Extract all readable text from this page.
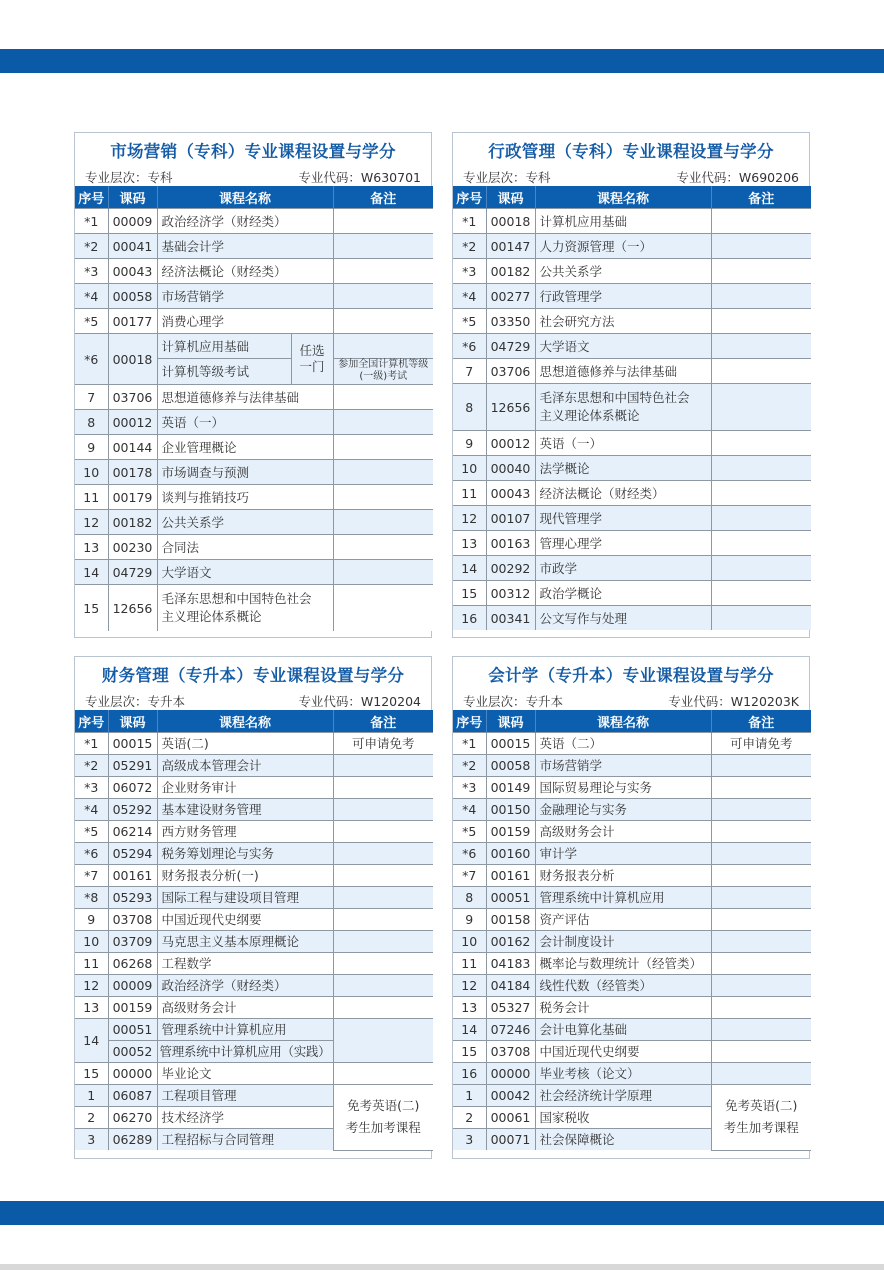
市场营销（专科）专业课程设置与学分
专业层次：专科	专业代码：W630701
序号	课码	课程名称		备注
*1	00009	政治经济学（财经类）		
*2	00041	基础会计学		
*3	00043	经济法概论（财经类）		
*4	00058	市场营销学		
*5	00177	消费心理学		
*6	00018	计算机应用基础	任选一门	
		计算机等级考试		参加全国计算机等级(一级)考试
7	03706	思想道德修养与法律基础		
8	00012	英语（一）		
9	00144	企业管理概论		
10	00178	市场调查与预测		
11	00179	谈判与推销技巧		
12	00182	公共关系学		
13	00230	合同法		
14	04729	大学语文		
15	12656	毛泽东思想和中国特色社会
主义理论体系概论		
行政管理（专科）专业课程设置与学分
专业层次：专科	专业代码：W690206
序号	课码	课程名称	备注
*1	00018	计算机应用基础	
*2	00147	人力资源管理（一）	
*3	00182	公共关系学	
*4	00277	行政管理学	
*5	03350	社会研究方法	
*6	04729	大学语文	
7	03706	思想道德修养与法律基础	
8	12656	毛泽东思想和中国特色社会
主义理论体系概论	
9	00012	英语（一）	
10	00040	法学概论	
11	00043	经济法概论（财经类）	
12	00107	现代管理学	
13	00163	管理心理学	
14	00292	市政学	
15	00312	政治学概论	
16	00341	公文写作与处理	
财务管理（专升本）专业课程设置与学分
专业层次：专升本	专业代码：W120204
序号	课码	课程名称	备注
*1	00015	英语(二)	可申请免考
*2	05291	高级成本管理会计	
*3	06072	企业财务审计	
*4	05292	基本建设财务管理	
*5	06214	西方财务管理	
*6	05294	税务筹划理论与实务	
*7	00161	财务报表分析(一)	
*8	05293	国际工程与建设项目管理	
9	03708	中国近现代史纲要	
10	03709	马克思主义基本原理概论	
11	06268	工程数学	
12	00009	政治经济学（财经类）	
13	00159	高级财务会计	
14	00051	管理系统中计算机应用	
	00052	管理系统中计算机应用（实践）	
15	00000	毕业论文	
1	06087	工程项目管理	免考英语(二)
考生加考课程
2	06270	技术经济学	
3	06289	工程招标与合同管理	
会计学（专升本）专业课程设置与学分
专业层次：专升本	专业代码：W120203K
序号	课码	课程名称	备注
*1	00015	英语（二）	可申请免考
*2	00058	市场营销学	
*3	00149	国际贸易理论与实务	
*4	00150	金融理论与实务	
*5	00159	高级财务会计	
*6	00160	审计学	
*7	00161	财务报表分析	
8	00051	管理系统中计算机应用	
9	00158	资产评估	
10	00162	会计制度设计	
11	04183	概率论与数理统计（经管类）	
12	04184	线性代数（经管类）	
13	05327	税务会计	
14	07246	会计电算化基础	
15	03708	中国近现代史纲要	
16	00000	毕业考核（论文）	
1	00042	社会经济统计学原理	免考英语(二)
考生加考课程
2	00061	国家税收	
3	00071	社会保障概论	
